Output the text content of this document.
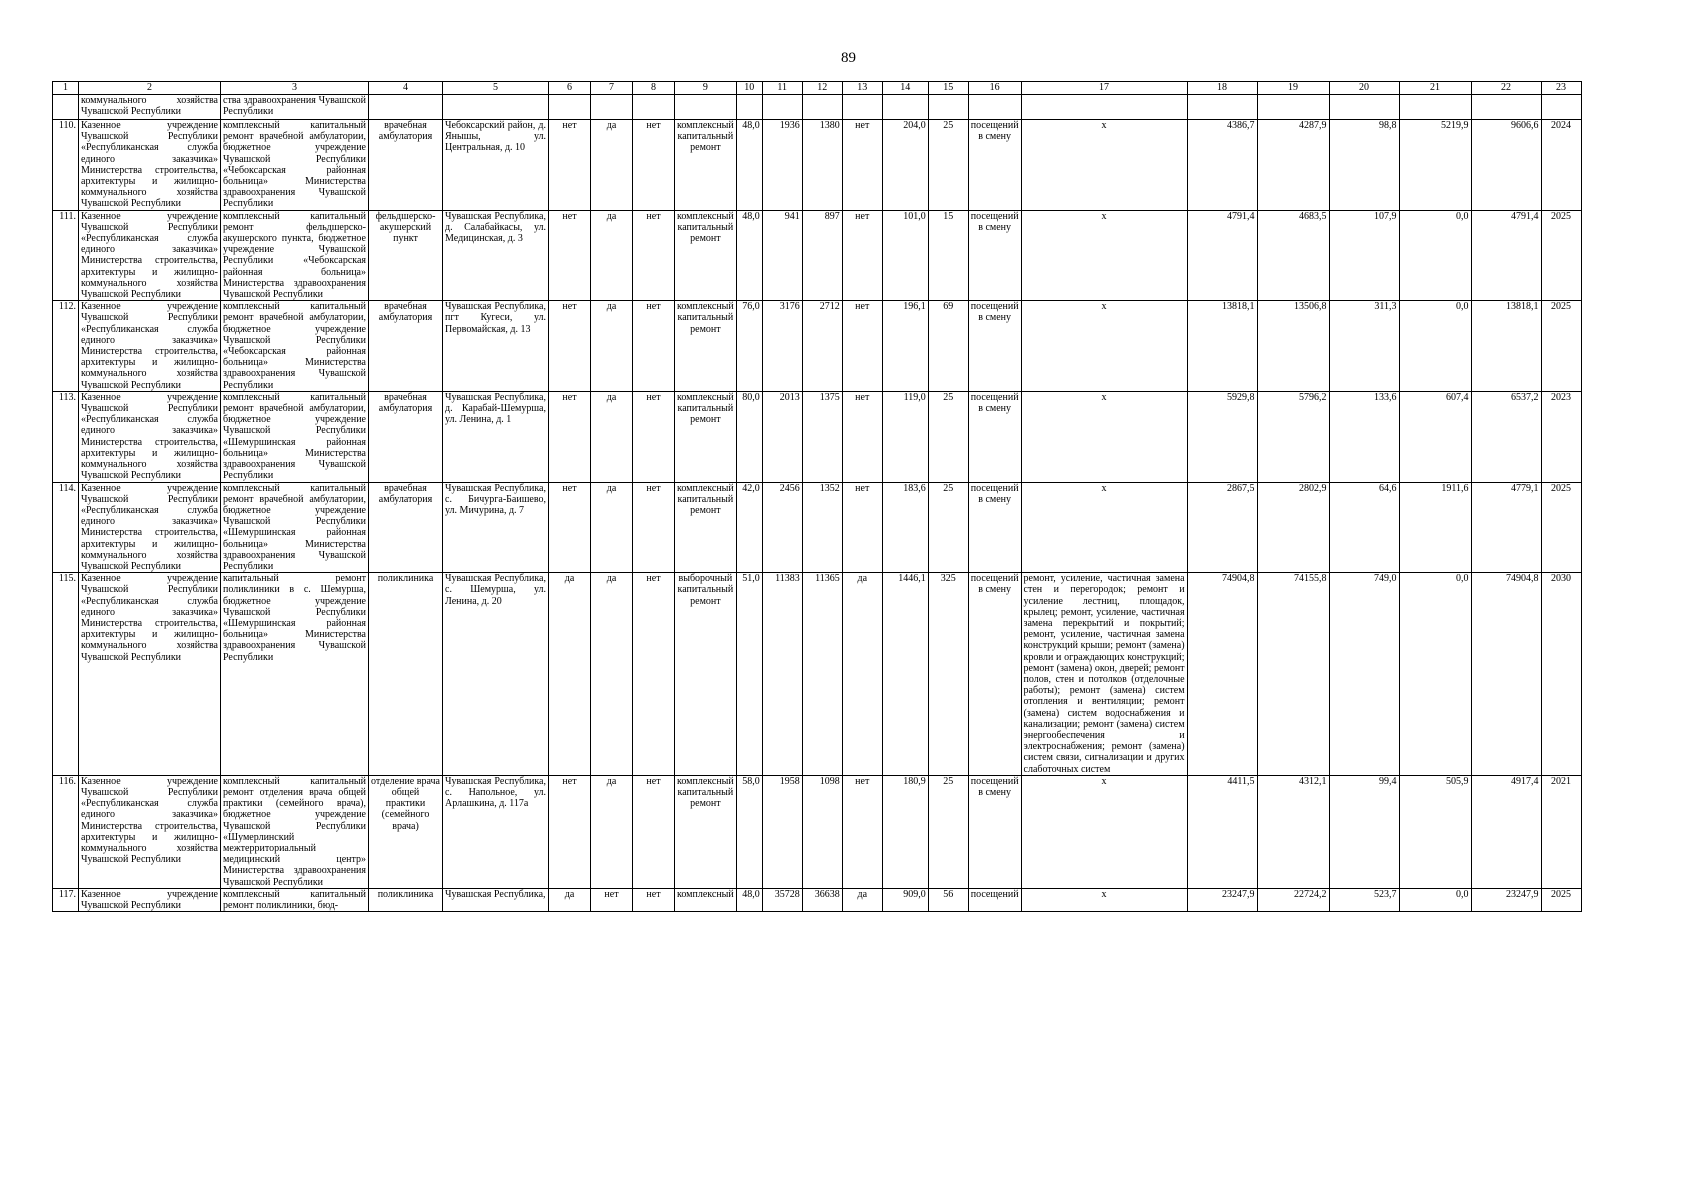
89
1	2	3	4	5	6	7	8	9	10	11	12	13	14	15	16	17	18	19	20	21	22	23
	коммунального хозяйства Чувашской Республики	ства здравоохранения Чувашской Республики																				
110.	Казенное учреждение Чувашской Республики «Республиканская служба единого заказчика» Министерства строительства, архитектуры и жилищно-коммунального хозяйства Чувашской Республики	комплексный капитальный ремонт врачебной амбулатории, бюджетное учреждение Чувашской Республики «Чебоксарская районная больница» Министерства здравоохранения Чувашской Республики	врачебная амбулатория	Чебоксарский район, д. Янышы, ул. Центральная, д. 10	нет	да	нет	комплексный капитальный ремонт	48,0	1936	1380	нет	204,0	25	посещений в смену	х	4386,7	4287,9	98,8	5219,9	9606,6	2024
111.	Казенное учреждение Чувашской Республики «Республиканская служба единого заказчика» Министерства строительства, архитектуры и жилищно-коммунального хозяйства Чувашской Республики	комплексный капитальный ремонт фельдшерско-акушерского пункта, бюджетное учреждение Чувашской Республики «Чебоксарская районная больница» Министерства здравоохранения Чувашской Республики	фельдшерско-акушерский пункт	Чувашская Республика, д. Салабайкасы, ул. Медицинская, д. 3	нет	да	нет	комплексный капитальный ремонт	48,0	941	897	нет	101,0	15	посещений в смену	х	4791,4	4683,5	107,9	0,0	4791,4	2025
112.	Казенное учреждение Чувашской Республики «Республиканская служба единого заказчика» Министерства строительства, архитектуры и жилищно-коммунального хозяйства Чувашской Республики	комплексный капитальный ремонт врачебной амбулатории, бюджетное учреждение Чувашской Республики «Чебоксарская районная больница» Министерства здравоохранения Чувашской Республики	врачебная амбулатория	Чувашская Республика, пгт Кугеси, ул. Первомайская, д. 13	нет	да	нет	комплексный капитальный ремонт	76,0	3176	2712	нет	196,1	69	посещений в смену	х	13818,1	13506,8	311,3	0,0	13818,1	2025
113.	Казенное учреждение Чувашской Республики «Республиканская служба единого заказчика» Министерства строительства, архитектуры и жилищно-коммунального хозяйства Чувашской Республики	комплексный капитальный ремонт врачебной амбулатории, бюджетное учреждение Чувашской Республики «Шемуршинская районная больница» Министерства здравоохранения Чувашской Республики	врачебная амбулатория	Чувашская Республика, д. Карабай-Шемурша, ул. Ленина, д. 1	нет	да	нет	комплексный капитальный ремонт	80,0	2013	1375	нет	119,0	25	посещений в смену	х	5929,8	5796,2	133,6	607,4	6537,2	2023
114.	Казенное учреждение Чувашской Республики «Республиканская служба единого заказчика» Министерства строительства, архитектуры и жилищно-коммунального хозяйства Чувашской Республики	комплексный капитальный ремонт врачебной амбулатории, бюджетное учреждение Чувашской Республики «Шемуршинская районная больница» Министерства здравоохранения Чувашской Республики	врачебная амбулатория	Чувашская Республика, с. Бичурга-Баишево, ул. Мичурина, д. 7	нет	да	нет	комплексный капитальный ремонт	42,0	2456	1352	нет	183,6	25	посещений в смену	х	2867,5	2802,9	64,6	1911,6	4779,1	2025
115.	Казенное учреждение Чувашской Республики «Республиканская служба единого заказчика» Министерства строительства, архитектуры и жилищно-коммунального хозяйства Чувашской Республики	капитальный ремонт поликлиники в с. Шемурша, бюджетное учреждение Чувашской Республики «Шемуршинская районная больница» Министерства здравоохранения Чувашской Республики	поликлиника	Чувашская Республика, с. Шемурша, ул. Ленина, д. 20	да	да	нет	выборочный капитальный ремонт	51,0	11383	11365	да	1446,1	325	посещений в смену	ремонт, усиление, частичная замена стен и перегородок; ремонт и усиление лестниц, площадок, крылец; ремонт, усиление, частичная замена перекрытий и покрытий; ремонт, усиление, частичная замена конструкций крыши; ремонт (замена) кровли и ограждающих конструкций; ремонт (замена) окон, дверей; ремонт полов, стен и потолков (отделочные работы); ремонт (замена) систем отопления и вентиляции; ремонт (замена) систем водоснабжения и канализации; ремонт (замена) систем энергообеспечения и электроснабжения; ремонт (замена) систем связи, сигнализации и других слаботочных систем	74904,8	74155,8	749,0	0,0	74904,8	2030
116.	Казенное учреждение Чувашской Республики «Республиканская служба единого заказчика» Министерства строительства, архитектуры и жилищно-коммунального хозяйства Чувашской Республики	комплексный капитальный ремонт отделения врача общей практики (семейного врача), бюджетное учреждение Чувашской Республики «Шумерлинский межтерриториальный медицинский центр» Министерства здравоохранения Чувашской Республики	отделение врача общей практики (семейного врача)	Чувашская Республика, с. Напольное, ул. Арлашкина, д. 117а	нет	да	нет	комплексный капитальный ремонт	58,0	1958	1098	нет	180,9	25	посещений в смену	х	4411,5	4312,1	99,4	505,9	4917,4	2021
117.	Казенное учреждение Чувашской Республики	комплексный капитальный ремонт поликлиники, бюд-	поликлиника	Чувашская Республика,	да	нет	нет	комплексный	48,0	35728	36638	да	909,0	56	посещений	х	23247,9	22724,2	523,7	0,0	23247,9	2025
